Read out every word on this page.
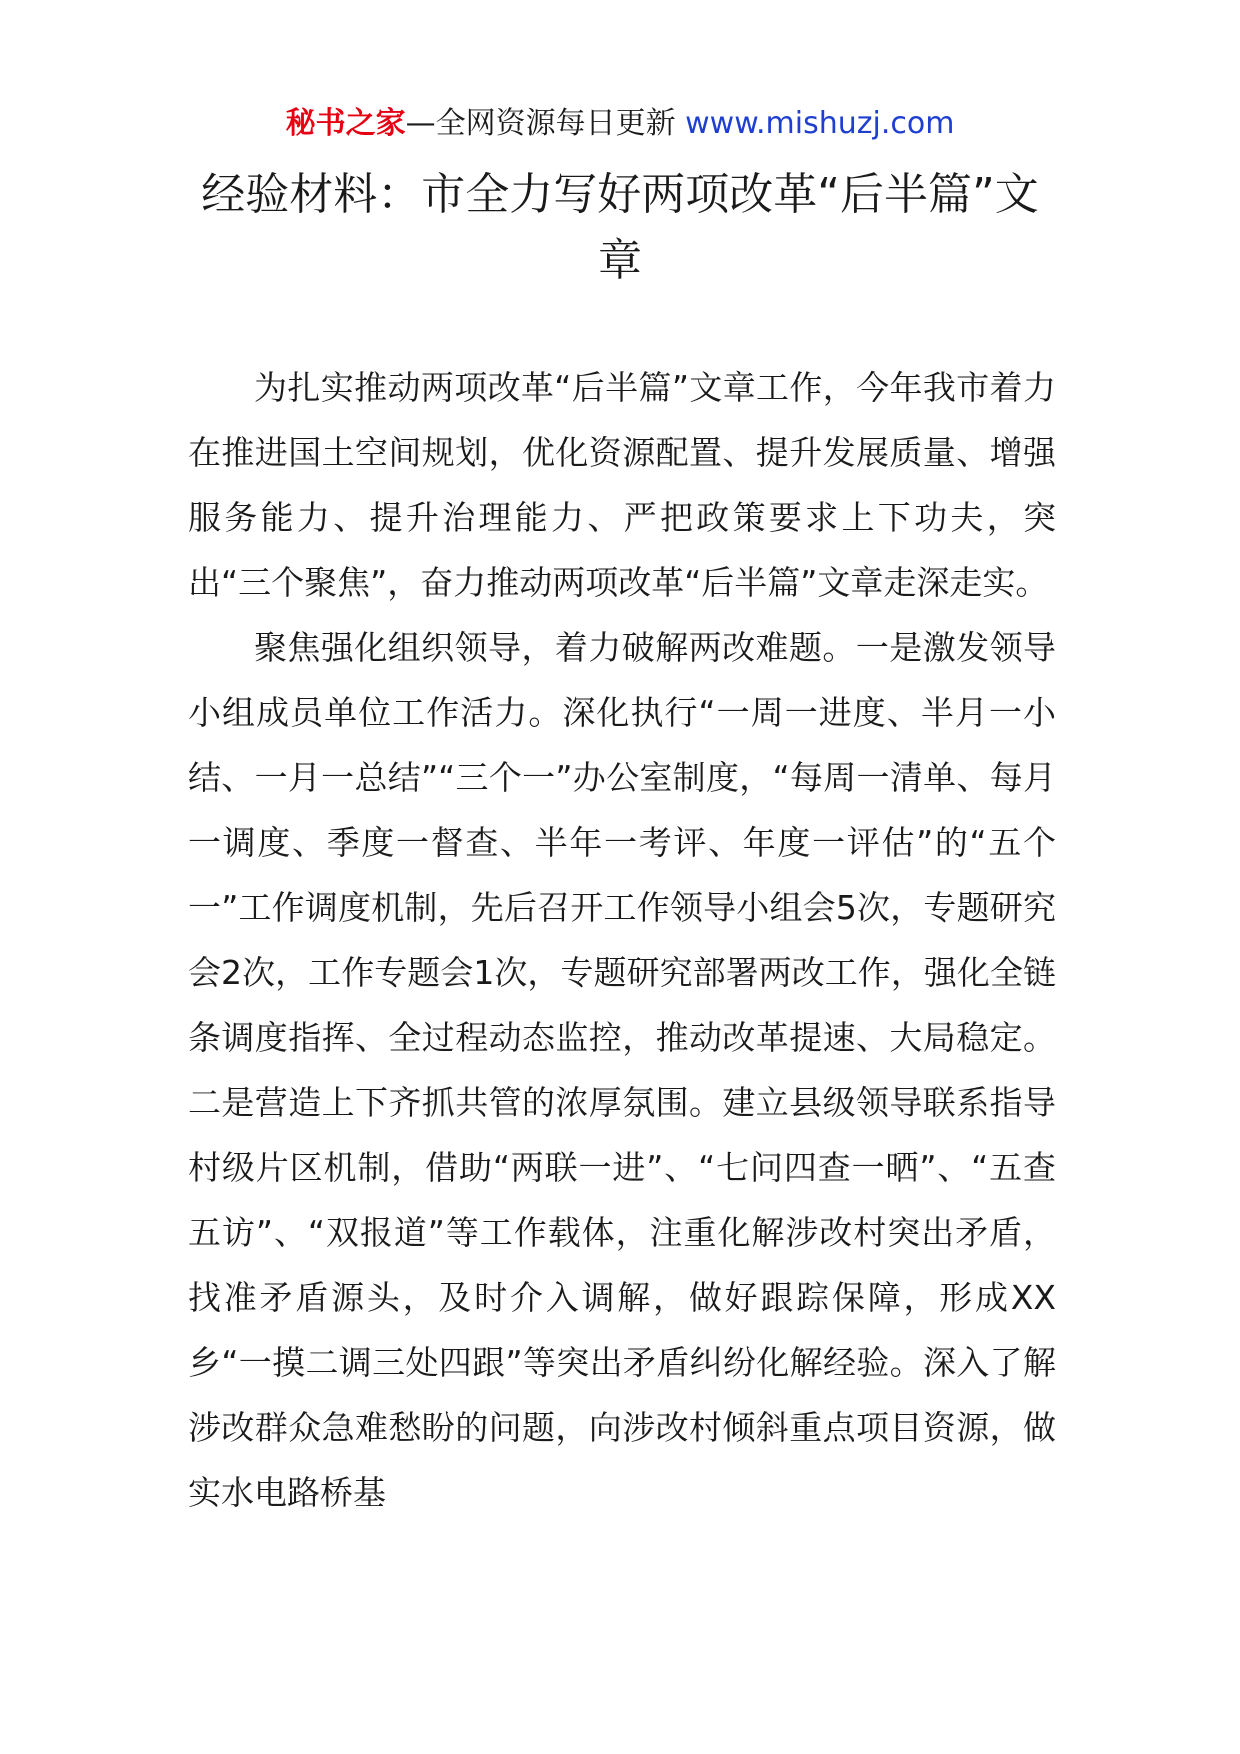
秘书之家—全网资源每日更新 www.mishuzj.com
经验材料：市全力写好两项改革“后半篇”文章

为扎实推动两项改革“后半篇”文章工作，今年我市着力在推进国土空间规划，优化资源配置、提升发展质量、增强服务能力、提升治理能力、严把政策要求上下功夫，突出“三个聚焦”，奋力推动两项改革“后半篇”文章走深走实。

聚焦强化组织领导，着力破解两改难题。一是激发领导小组成员单位工作活力。深化执行“一周一进度、半月一小结、一月一总结”“三个一”办公室制度，“每周一清单、每月一调度、季度一督查、半年一考评、年度一评估”的“五个一”工作调度机制，先后召开工作领导小组会5次，专题研究会2次，工作专题会1次，专题研究部署两改工作，强化全链条调度指挥、全过程动态监控，推动改革提速、大局稳定。二是营造上下齐抓共管的浓厚氛围。建立县级领导联系指导村级片区机制，借助“两联一进”、“七问四查一晒”、“五查五访”、“双报道”等工作载体，注重化解涉改村突出矛盾，找准矛盾源头，及时介入调解，做好跟踪保障，形成XX乡“一摸二调三处四跟”等突出矛盾纠纷化解经验。深入了解涉改群众急难愁盼的问题，向涉改村倾斜重点项目资源，做实水电路桥基
